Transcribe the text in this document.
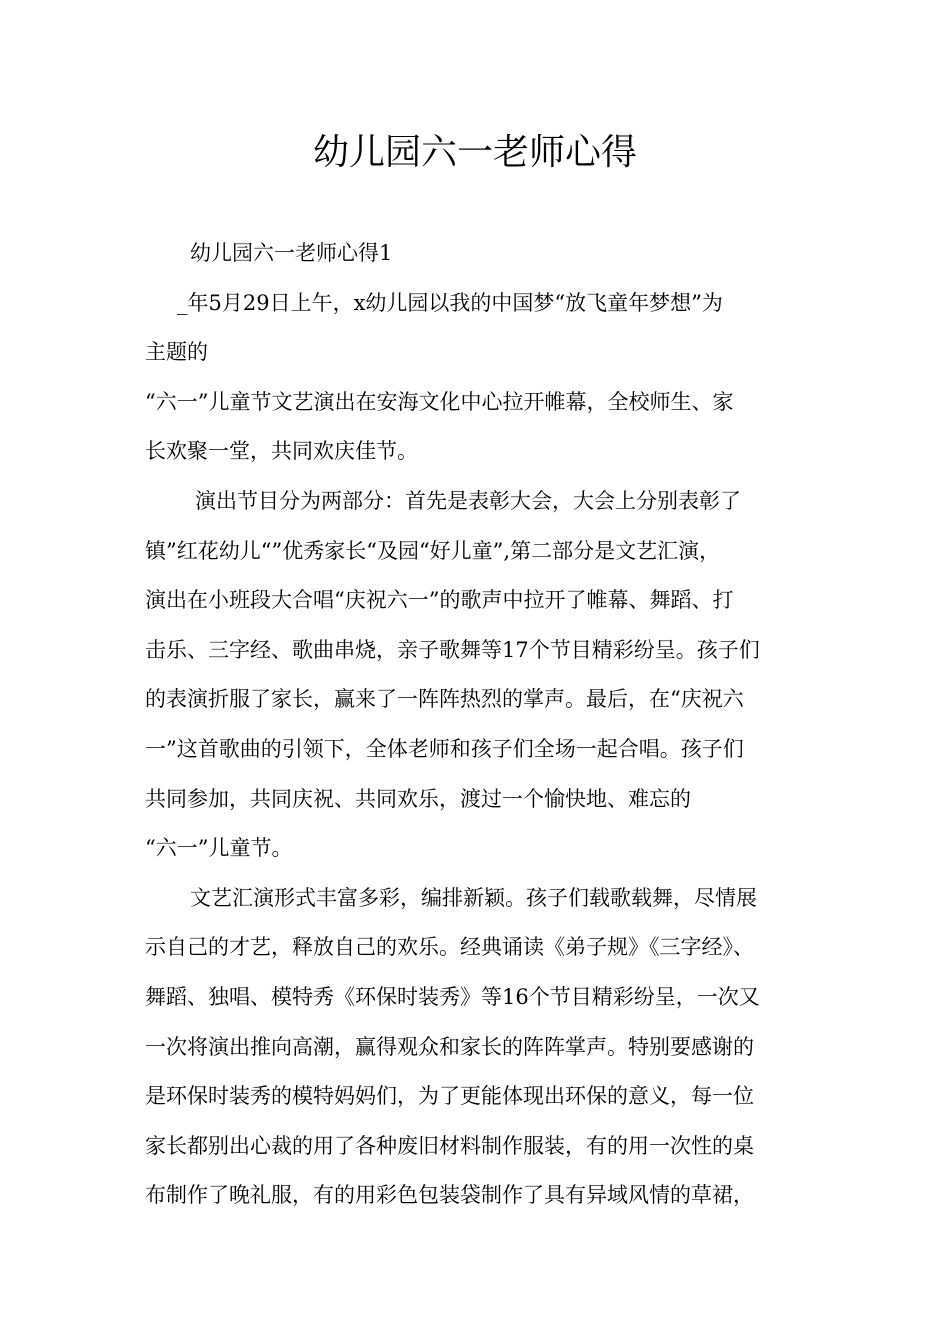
幼儿园六一老师心得
幼儿园六一老师心得1
_年5月29日上午，x幼儿园以我的中国梦“放飞童年梦想”为
主题的
“六一”儿童节文艺演出在安海文化中心拉开帷幕，全校师生、家
长欢聚一堂，共同欢庆佳节。
演出节目分为两部分：首先是表彰大会，大会上分别表彰了
镇”红花幼儿“”优秀家长“及园“好儿童”,第二部分是文艺汇演，
演出在小班段大合唱“庆祝六一”的歌声中拉开了帷幕、舞蹈、打
击乐、三字经、歌曲串烧，亲子歌舞等17个节目精彩纷呈。孩子们
的表演折服了家长，赢来了一阵阵热烈的掌声。最后，在“庆祝六
一”这首歌曲的引领下，全体老师和孩子们全场一起合唱。孩子们
共同参加，共同庆祝、共同欢乐，渡过一个愉快地、难忘的
“六一”儿童节。
文艺汇演形式丰富多彩，编排新颖。孩子们载歌载舞，尽情展
示自己的才艺，释放自己的欢乐。经典诵读《弟子规》《三字经》、
舞蹈、独唱、模特秀《环保时装秀》等16个节目精彩纷呈，一次又
一次将演出推向高潮，赢得观众和家长的阵阵掌声。特别要感谢的
是环保时装秀的模特妈妈们，为了更能体现出环保的意义，每一位
家长都别出心裁的用了各种废旧材料制作服装，有的用一次性的桌
布制作了晚礼服，有的用彩色包装袋制作了具有异域风情的草裙，
